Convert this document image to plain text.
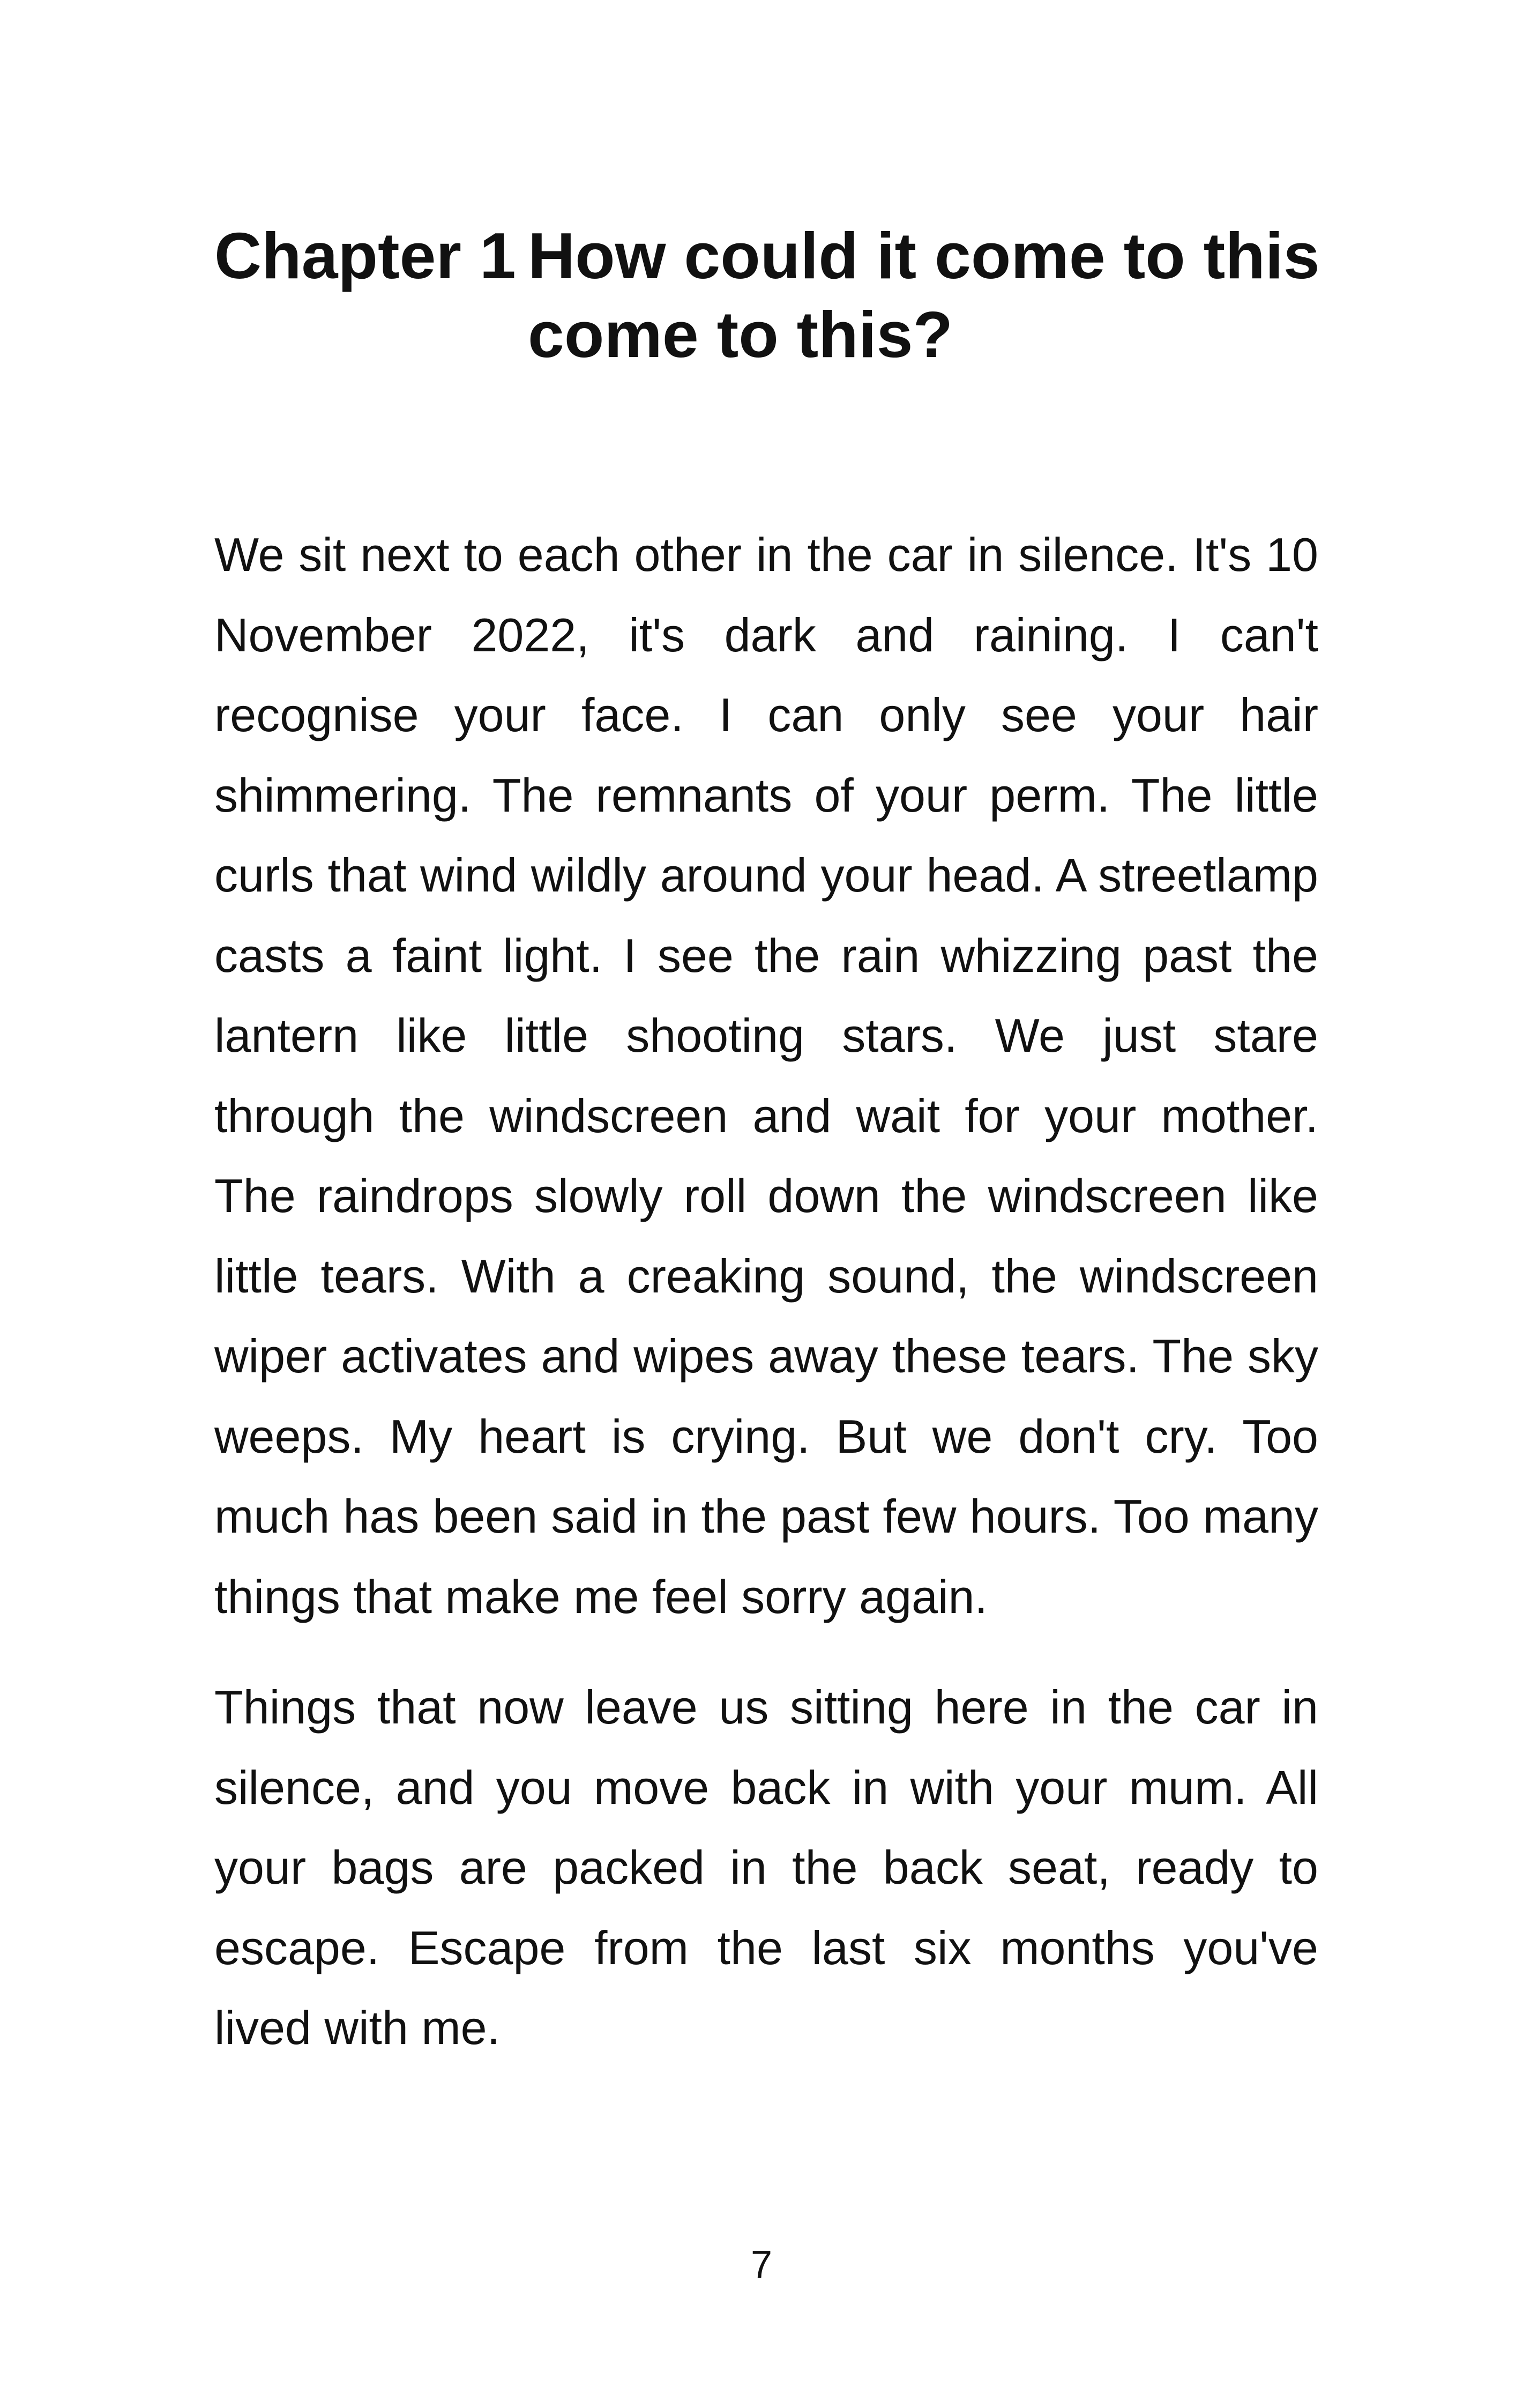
Chapter 1 How could it come to this come to this?

We sit next to each other in the car in silence. It's 10 November 2022, it's dark and raining. I can't recognise your face. I can only see your hair shimmering. The remnants of your perm. The little curls that wind wildly around your head. A streetlamp casts a faint light. I see the rain whizzing past the lantern like little shooting stars. We just stare through the windscreen and wait for your mother. The raindrops slowly roll down the windscreen like little tears. With a creaking sound, the windscreen wiper activates and wipes away these tears. The sky weeps. My heart is crying. But we don't cry. Too much has been said in the past few hours. Too many things that make me feel sorry again.

Things that now leave us sitting here in the car in silence, and you move back in with your mum. All your bags are packed in the back seat, ready to escape. Escape from the last six months you've lived with me.

7
